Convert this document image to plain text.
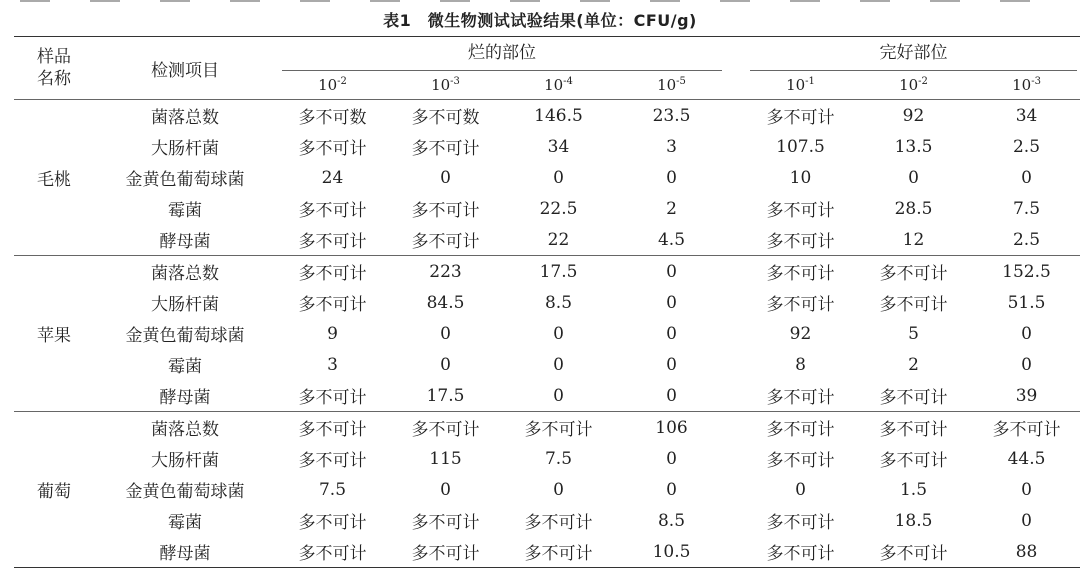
表1　微生物测试试验结果(单位：CFU/g)
样品名称	检测项目	烂的部位					完好部位		

		$10^{-2}$	$10^{-3}$	$10^{-4}$	$10^{-5}$		$10^{-1}$	$10^{-2}$	$10^{-3}$
毛桃	菌落总数	多不可数	多不可数	146.5	23.5		多不可计	92	34
	大肠杆菌	多不可计	多不可计	34	3		107.5	13.5	2.5
	金黄色葡萄球菌	24	0	0	0		10	0	0
	霉菌	多不可计	多不可计	22.5	2		多不可计	28.5	7.5
	酵母菌	多不可计	多不可计	22	4.5		多不可计	12	2.5
苹果	菌落总数	多不可计	223	17.5	0		多不可计	多不可计	152.5
	大肠杆菌	多不可计	84.5	8.5	0		多不可计	多不可计	51.5
	金黄色葡萄球菌	9	0	0	0		92	5	0
	霉菌	3	0	0	0		8	2	0
	酵母菌	多不可计	17.5	0	0		多不可计	多不可计	39
葡萄	菌落总数	多不可计	多不可计	多不可计	106		多不可计	多不可计	多不可计
	大肠杆菌	多不可计	115	7.5	0		多不可计	多不可计	44.5
	金黄色葡萄球菌	7.5	0	0	0		0	1.5	0
	霉菌	多不可计	多不可计	多不可计	8.5		多不可计	18.5	0
	酵母菌	多不可计	多不可计	多不可计	10.5		多不可计	多不可计	88
